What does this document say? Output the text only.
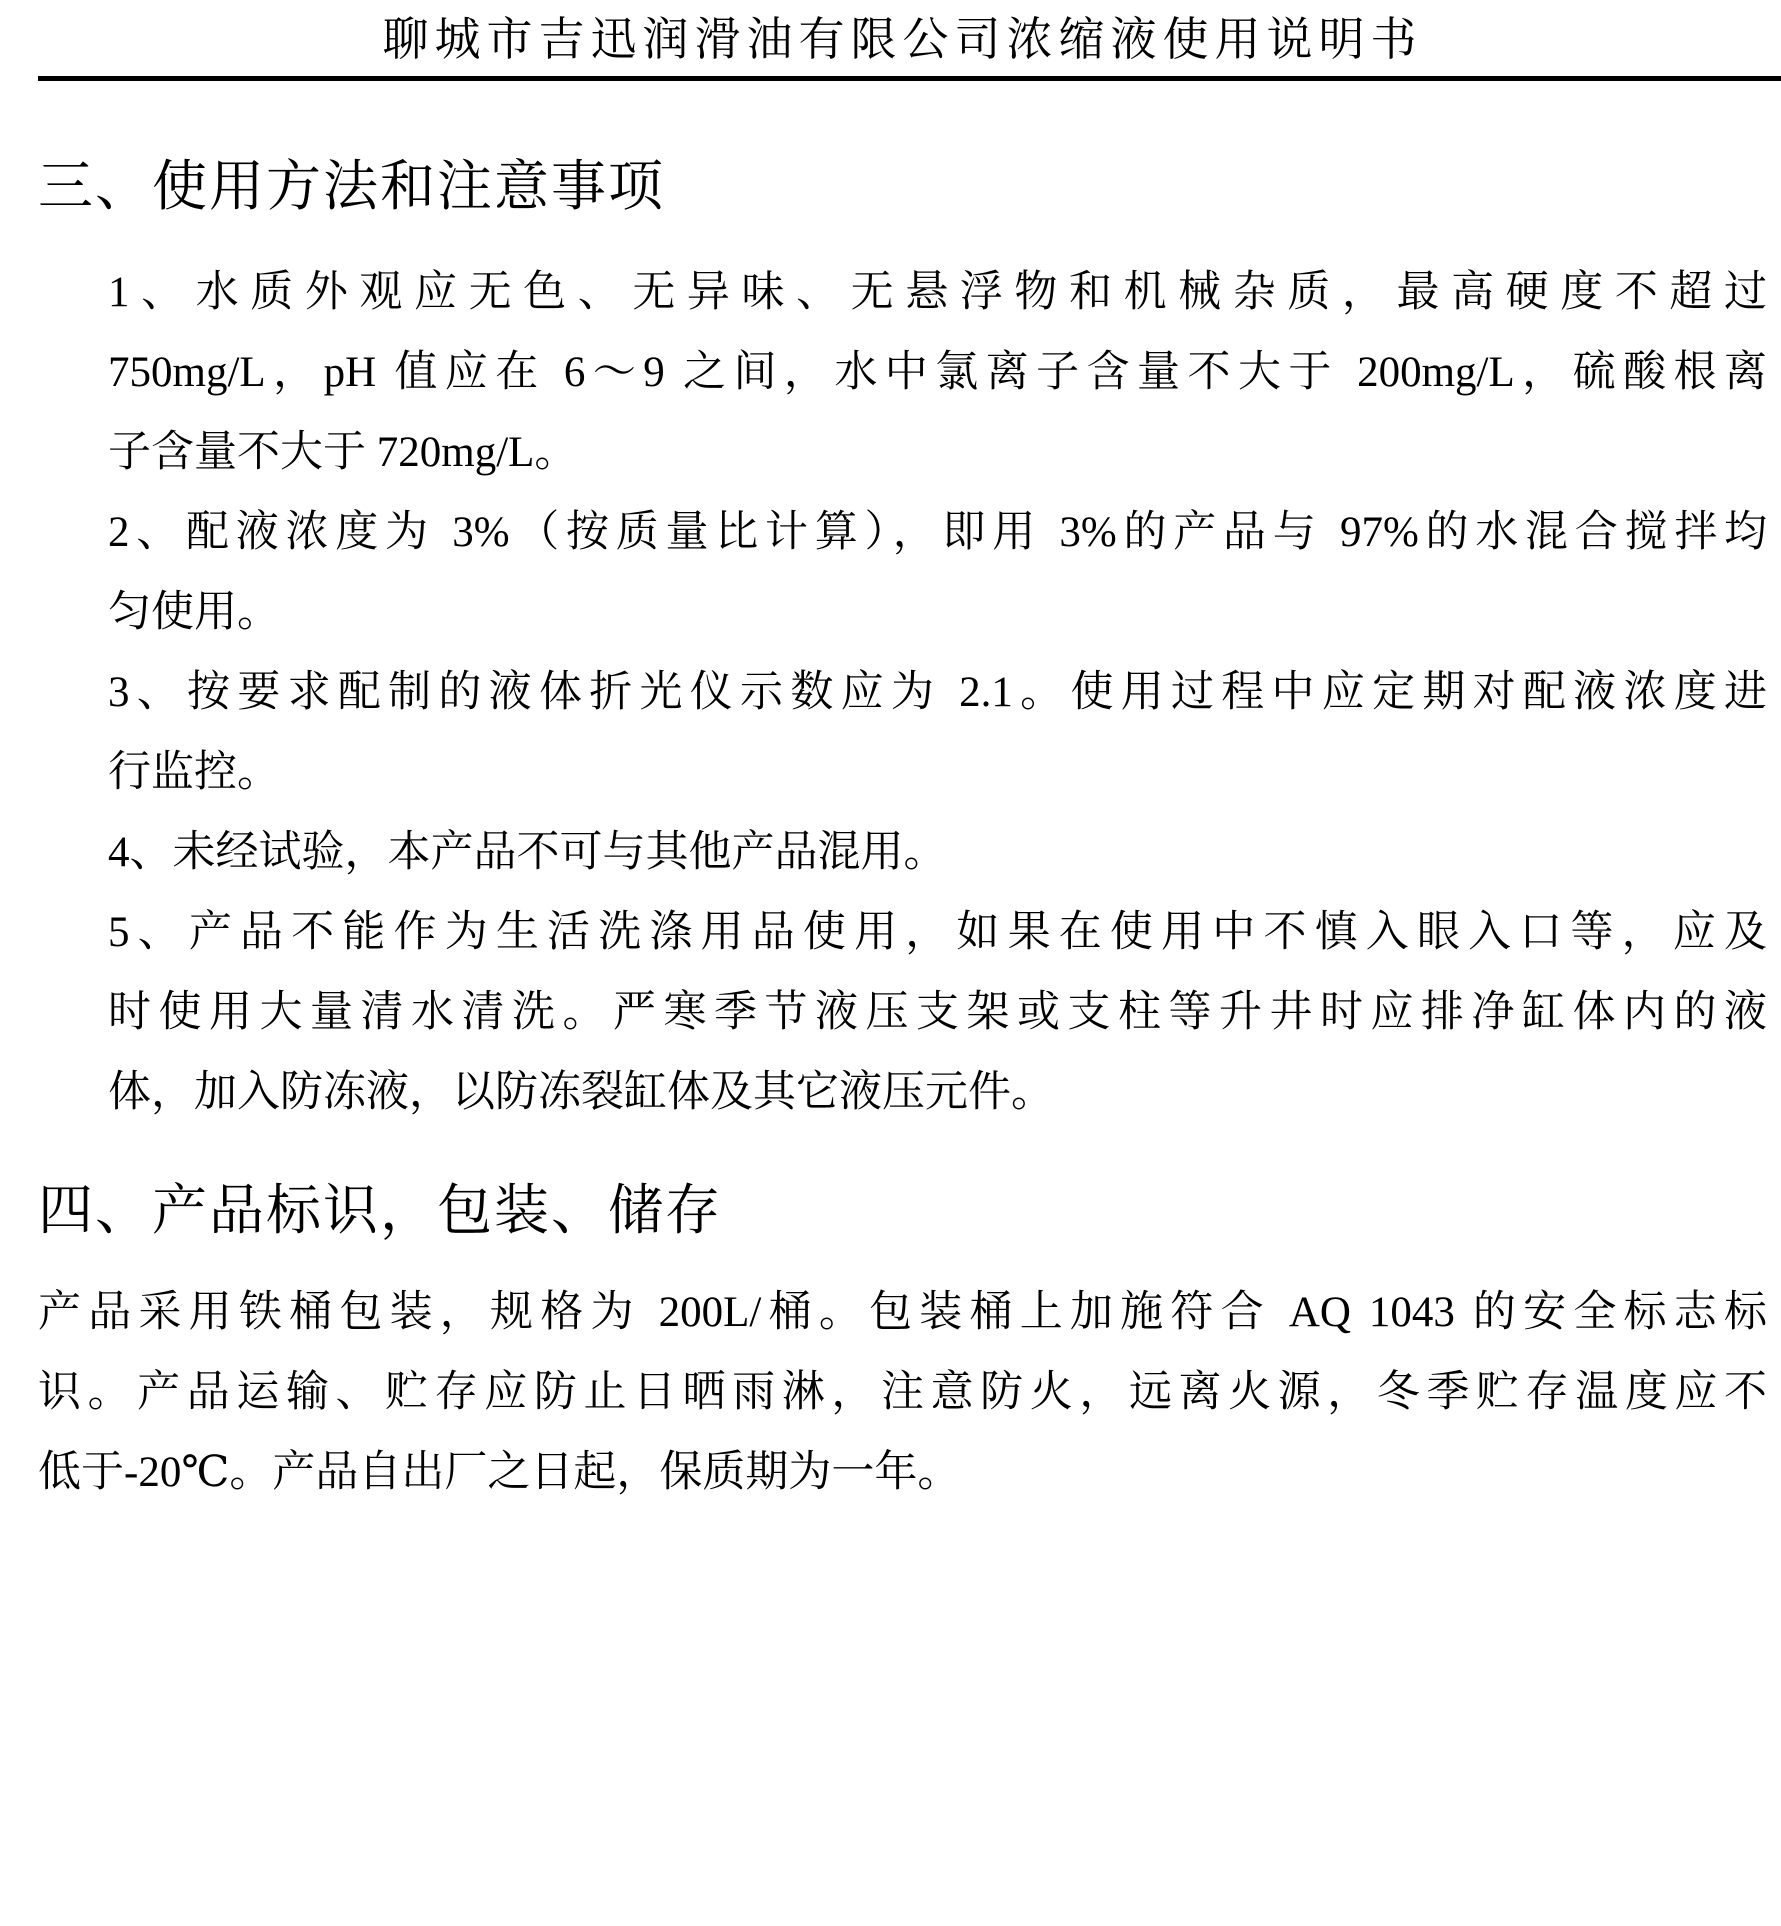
聊城市吉迅润滑油有限公司浓缩液使用说明书
三、使用方法和注意事项
1、水质外观应无色、无异味、无悬浮物和机械杂质，最高硬度不超过
750mg/L，pH 值应在 6～9 之间，水中氯离子含量不大于 200mg/L，硫酸根离
子含量不大于 720mg/L。
2、配液浓度为 3%（按质量比计算），即用 3%的产品与 97%的水混合搅拌均
匀使用。
3、按要求配制的液体折光仪示数应为 2.1。使用过程中应定期对配液浓度进
行监控。
4、未经试验，本产品不可与其他产品混用。
5、产品不能作为生活洗涤用品使用，如果在使用中不慎入眼入口等，应及
时使用大量清水清洗。严寒季节液压支架或支柱等升井时应排净缸体内的液
体，加入防冻液，以防冻裂缸体及其它液压元件。
四、产品标识，包装、储存
产品采用铁桶包装，规格为 200L/桶。包装桶上加施符合 AQ 1043 的安全标志标
识。产品运输、贮存应防止日晒雨淋，注意防火，远离火源，冬季贮存温度应不
低于-20℃。产品自出厂之日起，保质期为一年。
